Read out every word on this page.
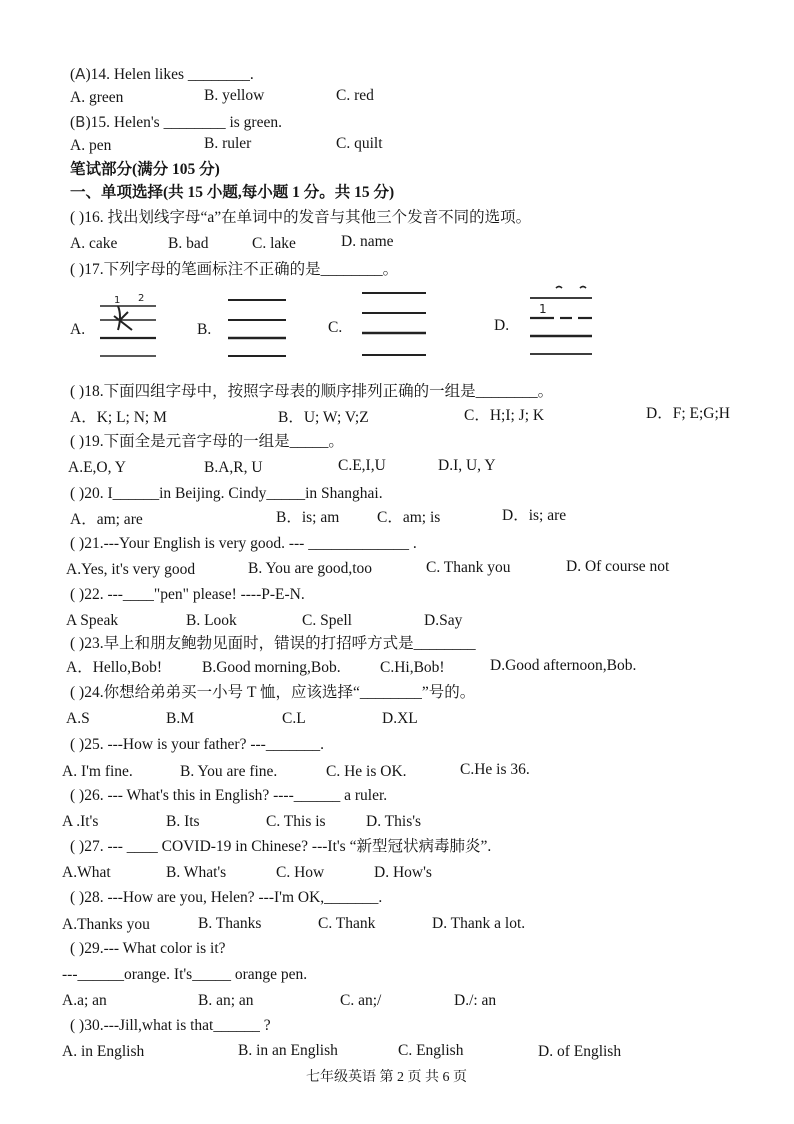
(A)14. Helen likes ________.
A. green	B. yellow	C. red
(B)15. Helen's ________ is green.
A. pen	B. ruler	C. quilt
笔试部分(满分 105 分)
一、单项选择(共 15 小题,每小题 1 分。共 15 分)
( )16. 找出划线字母“a”在单词中的发音与其他三个发音不同的选项。
A. cake	B. bad	C. lake	D. name
( )17.下列字母的笔画标注不正确的是________。
A.
1 2
B.	C.	D.
1
( )18.下面四组字母中，按照字母表的顺序排列正确的一组是________。
A．K; L; N; M	B．U; W; V;Z	C．H;I; J; K	D．F; E;G;H
( )19.下面全是元音字母的一组是_____。
A.E,O, Y	B.A,R, U	C.E,I,U	D.I, U, Y
( )20. I______in Beijing. Cindy_____in Shanghai.
A．am; are	B．is; am C．am; is	D．is; are
( )21.---Your English is very good. --- _____________ .
A.Yes, it's very good	B. You are good,too	C. Thank you	D. Of course not
( )22. ---____"pen" please! ----P-E-N.
A Speak	B. Look	C. Spell	D.Say
( )23.早上和朋友鲍勃见面时，错误的打招呼方式是________
A．Hello,Bob!	B.Good morning,Bob.	C.Hi,Bob!	D.Good afternoon,Bob.
( )24.你想给弟弟买一小号 T 恤，应该选择“________”号的。
A.S	B.M	C.L	D.XL
( )25. ---How is your father? ---_______.
A. I'm fine.	B. You are fine.	C. He is OK.	C.He is 36.
( )26. --- What's this in English? ----______ a ruler.
A .It's	B. Its	C. This is	D. This's
( )27. --- ____ COVID-19 in Chinese? ---It's “新型冠状病毒肺炎”.
A.What	B. What's	C. How	D. How's
( )28. ---How are you, Helen? ---I'm OK,_______.
A.Thanks you	B. Thanks	C. Thank	D. Thank a lot.
( )29.--- What color is it?
---______orange. It's_____ orange pen.
A.a; an	B. an; an	C. an;/	D./: an
( )30.---Jill,what is that______ ?
A. in English	B. in an English	C. English	D. of English
七年级英语 第 2 页 共 6 页
